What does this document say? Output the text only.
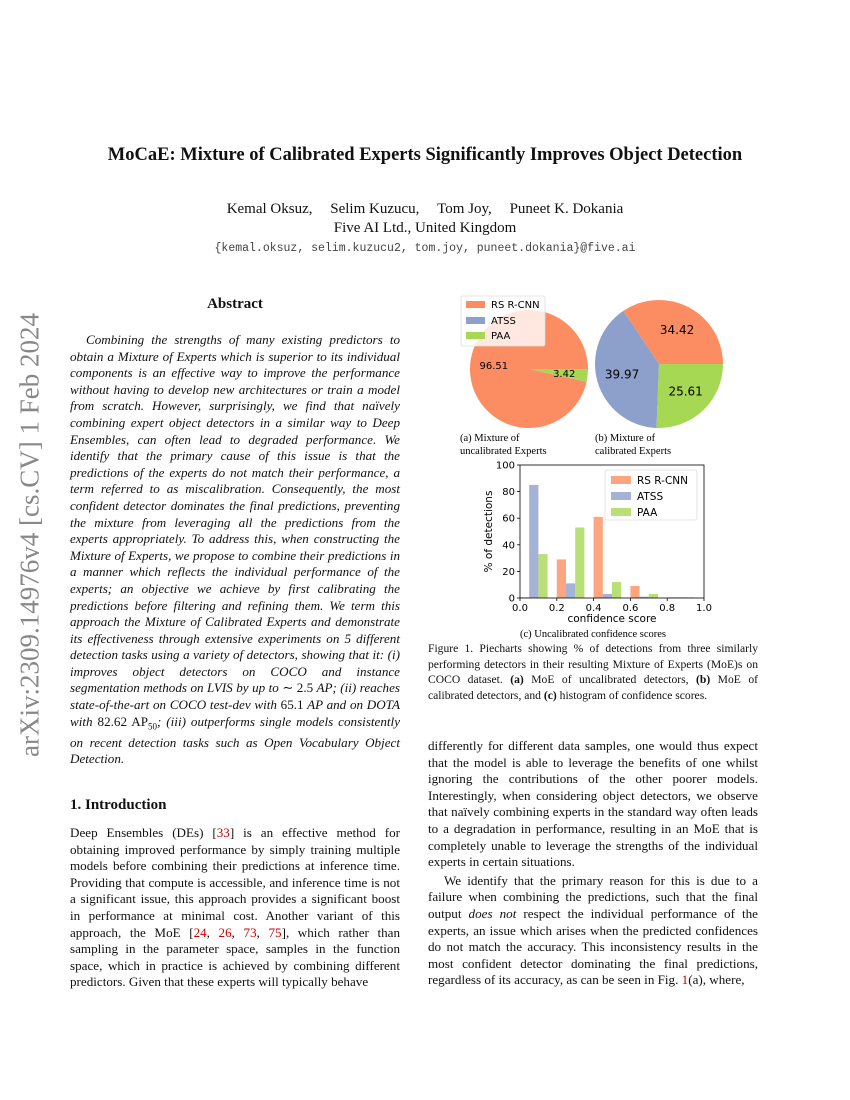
MoCaE: Mixture of Calibrated Experts Significantly Improves Object Detection
Kemal Oksuz, Selim Kuzucu, Tom Joy, Puneet K. Dokania
Five AI Ltd., United Kingdom
{kemal.oksuz, selim.kuzucu2, tom.joy, puneet.dokania}@five.ai
arXiv:2309.14976v4 [cs.CV] 1 Feb 2024
Abstract

Combining the strengths of many existing predictors to obtain a Mixture of Experts which is superior to its individual components is an effective way to improve the performance without having to develop new architectures or train a model from scratch. However, surprisingly, we find that naïvely combining expert object detectors in a similar way to Deep Ensembles, can often lead to degraded performance. We identify that the primary cause of this issue is that the predictions of the experts do not match their performance, a term referred to as miscalibration. Consequently, the most confident detector dominates the final predictions, preventing the mixture from leveraging all the predictions from the experts appropriately. To address this, when constructing the Mixture of Experts, we propose to combine their predictions in a manner which reflects the individual performance of the experts; an objective we achieve by first calibrating the predictions before filtering and refining them. We term this approach the Mixture of Calibrated Experts and demonstrate its effectiveness through extensive experiments on 5 different detection tasks using a variety of detectors, showing that it: (i) improves object detectors on COCO and instance segmentation methods on LVIS by up to ∼ 2.5 AP; (ii) reaches state-of-the-art on COCO test-dev with 65.1 AP and on DOTA with 82.62 $AP_{50}$; (iii) outperforms single models consistently on recent detection tasks such as Open Vocabulary Object Detection.

1. Introduction

Deep Ensembles (DEs) [33] is an effective method for obtaining improved performance by simply training multiple models before combining their predictions at inference time. Providing that compute is accessible, and inference time is not a significant issue, this approach provides a significant boost in performance at minimal cost. Another variant of this approach, the MoE [24, 26, 73, 75], which rather than sampling in the parameter space, samples in the function space, which in practice is achieved by combining different predictors. Given that these experts will typically behave

differently for different data samples, one would thus expect that the model is able to leverage the benefits of one whilst ignoring the contributions of the other poorer models. Interestingly, when considering object detectors, we observe that naïvely combining experts in the standard way often leads to a degradation in performance, resulting in an MoE that is completely unable to leverage the strengths of the individual experts in certain situations.

We identify that the primary reason for this is due to a failure when combining the predictions, such that the final output does not respect the individual performance of the experts, an issue which arises when the predicted confidences do not match the accuracy. This inconsistency results in the most confident detector dominating the final predictions, regardless of its accuracy, as can be seen in Fig. 1(a), where,

96.51
3.42
34.42
39.97
25.61
RS R-CNN
ATSS
PAA
(a) Mixture of
uncalibrated Experts
(b) Mixture of
calibrated Experts
0.0 0.2 0.4 0.6 0.8 1.0
0
20
40
60
80
100
confidence score
% of detections
RS R-CNN
ATSS
PAA
(c) Uncalibrated confidence scores
Figure 1. Piecharts showing % of detections from three similarly performing detectors in their resulting Mixture of Experts (MoE)s on COCO dataset. (a) MoE of uncalibrated detectors, (b) MoE of calibrated detectors, and (c) histogram of confidence scores.
